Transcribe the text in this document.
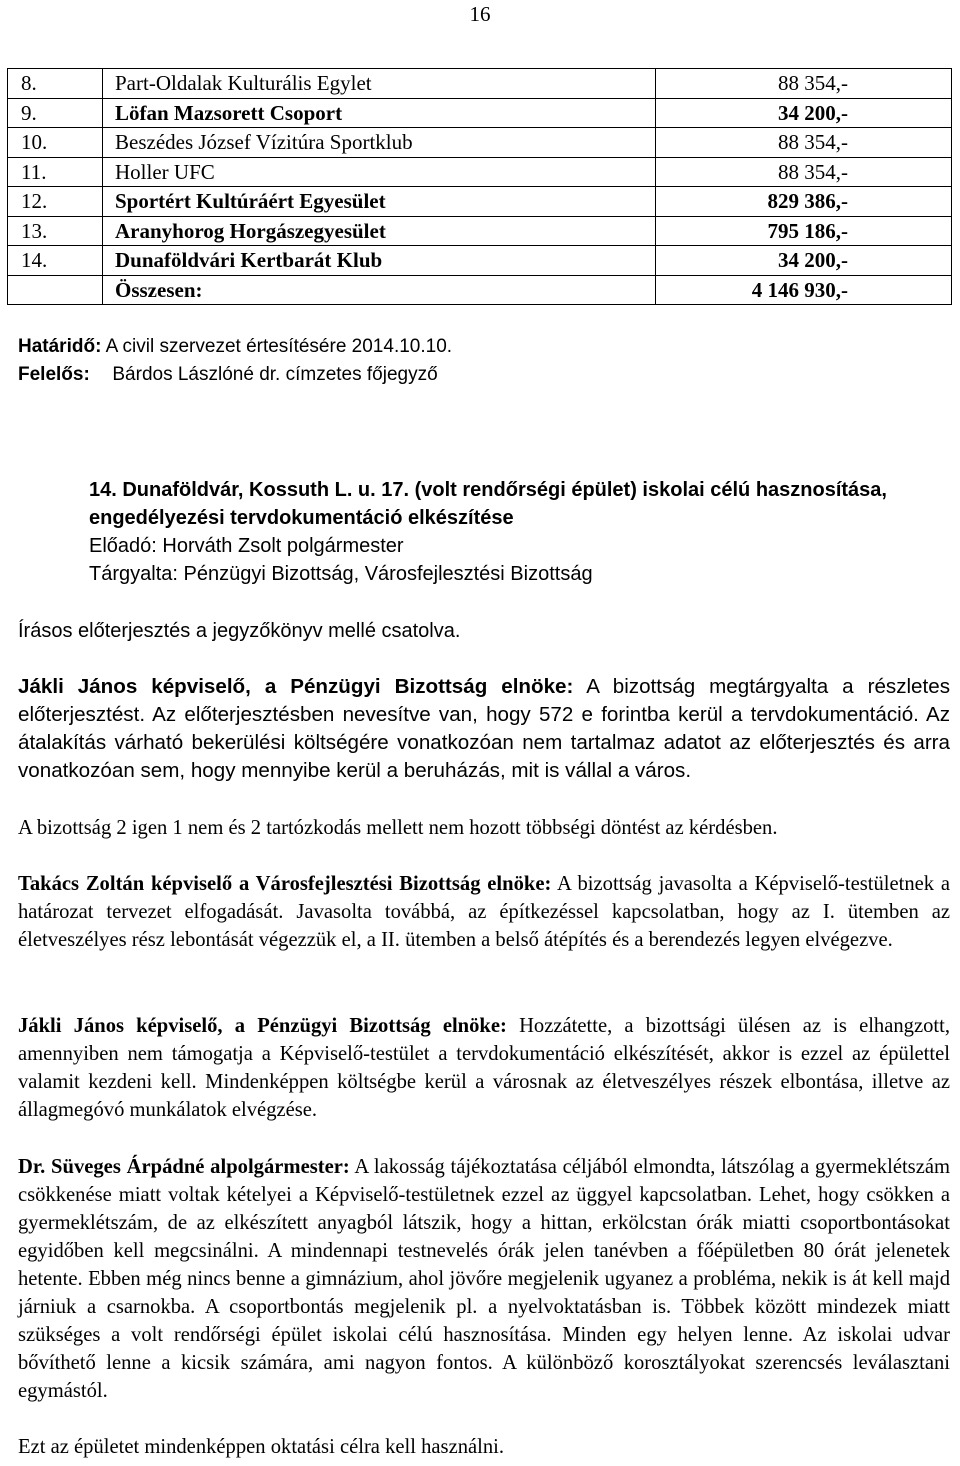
16
8.	Part-Oldalak Kulturális Egylet	88 354,-
9.	Löfan Mazsorett Csoport	34 200,-
10.	Beszédes József Vízitúra Sportklub	88 354,-
11.	Holler UFC	88 354,-
12.	Sportért Kultúráért Egyesület	829 386,-
13.	Aranyhorog Horgászegyesület	795 186,-
14.	Dunaföldvári Kertbarát Klub	34 200,-
	Összesen:	4 146 930,-
Határidő: A civil szervezet értesítésére 2014.10.10.
Felelős: Bárdos Lászlóné dr. címzetes főjegyző
14. Dunaföldvár, Kossuth L. u. 17. (volt rendőrségi épület) iskolai célú hasznosítása,
engedélyezési tervdokumentáció elkészítése
Előadó: Horváth Zsolt polgármester
Tárgyalta: Pénzügyi Bizottság, Városfejlesztési Bizottság
Írásos előterjesztés a jegyzőkönyv mellé csatolva.
Jákli János képviselő, a Pénzügyi Bizottság elnöke: A bizottság megtárgyalta a részletes előterjesztést. Az előterjesztésben nevesítve van, hogy 572 e forintba kerül a tervdokumentáció. Az átalakítás várható bekerülési költségére vonatkozóan nem tartalmaz adatot az előterjesztés és arra vonatkozóan sem, hogy mennyibe kerül a beruházás, mit is vállal a város.
A bizottság 2 igen 1 nem és 2 tartózkodás mellett nem hozott többségi döntést az kérdésben.
Takács Zoltán képviselő a Városfejlesztési Bizottság elnöke: A bizottság javasolta a Képviselő-testületnek a határozat tervezet elfogadását. Javasolta továbbá, az építkezéssel kapcsolatban, hogy az I. ütemben az életveszélyes rész lebontását végezzük el, a II. ütemben a belső átépítés és a berendezés legyen elvégezve.
Jákli János képviselő, a Pénzügyi Bizottság elnöke: Hozzátette, a bizottsági ülésen az is elhangzott, amennyiben nem támogatja a Képviselő-testület a tervdokumentáció elkészítését, akkor is ezzel az épülettel valamit kezdeni kell. Mindenképpen költségbe kerül a városnak az életveszélyes részek elbontása, illetve az állagmegóvó munkálatok elvégzése.
Dr. Süveges Árpádné alpolgármester: A lakosság tájékoztatása céljából elmondta, látszólag a gyermeklétszám csökkenése miatt voltak kételyei a Képviselő-testületnek ezzel az üggyel kapcsolatban. Lehet, hogy csökken a gyermeklétszám, de az elkészített anyagból látszik, hogy a hittan, erkölcstan órák miatti csoportbontásokat egyidőben kell megcsinálni. A mindennapi testnevelés órák jelen tanévben a főépületben 80 órát jelenetek hetente. Ebben még nincs benne a gimnázium, ahol jövőre megjelenik ugyanez a probléma, nekik is át kell majd járniuk a csarnokba. A csoportbontás megjelenik pl. a nyelvoktatásban is. Többek között mindezek miatt szükséges a volt rendőrségi épület iskolai célú hasznosítása. Minden egy helyen lenne. Az iskolai udvar bővíthető lenne a kicsik számára, ami nagyon fontos. A különböző korosztályokat szerencsés leválasztani egymástól.
Ezt az épületet mindenképpen oktatási célra kell használni.
